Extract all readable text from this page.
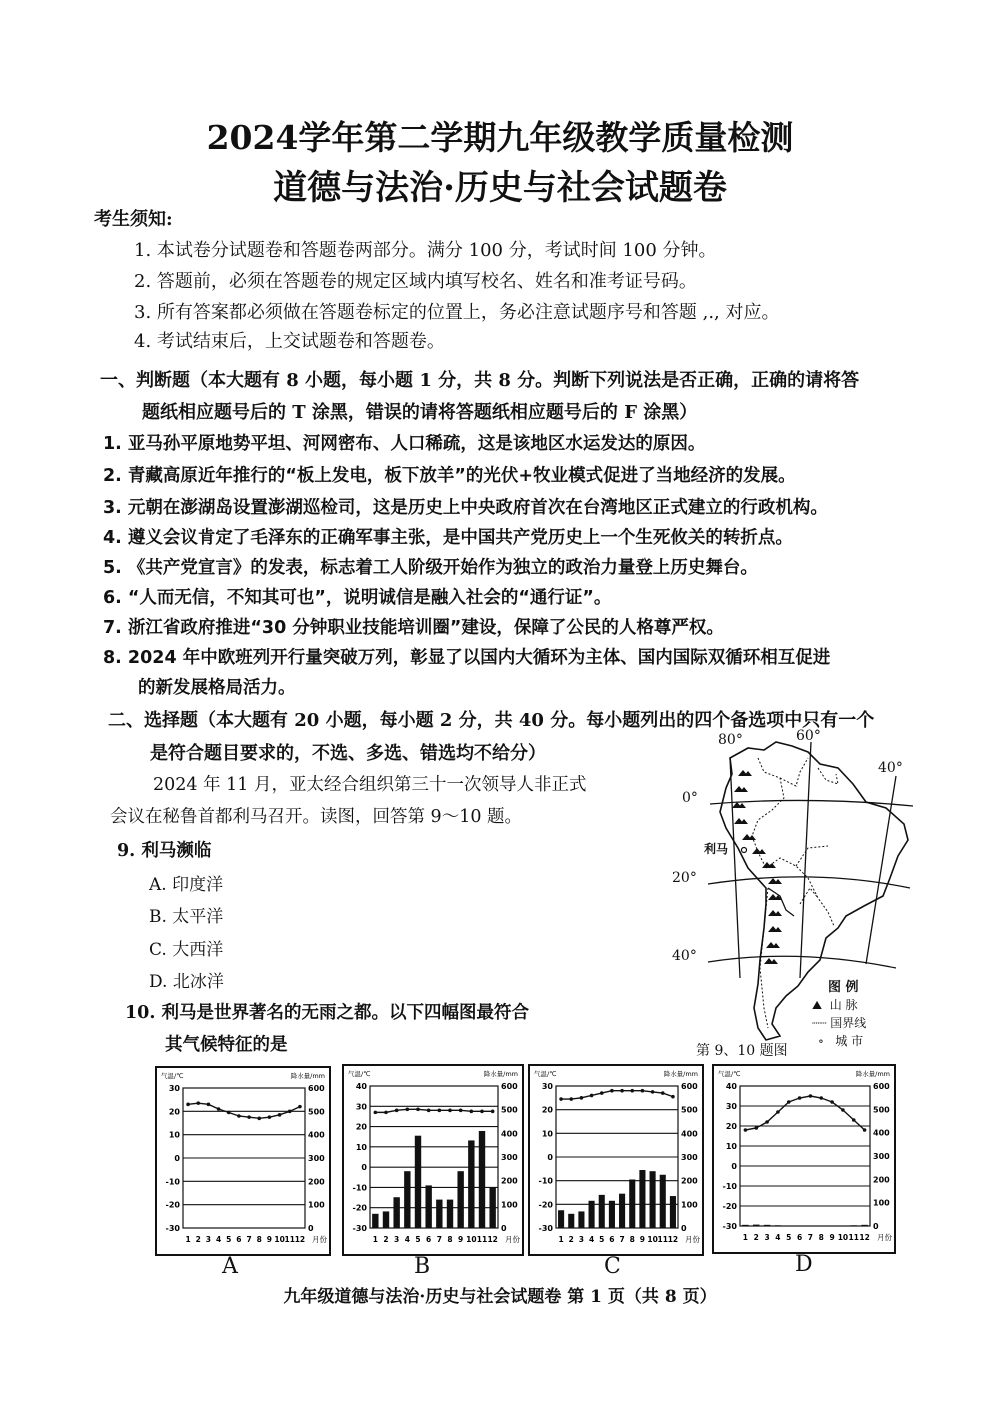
2024学年第二学期九年级教学质量检测
道德与法治·历史与社会试题卷
考生须知:
1. 本试卷分试题卷和答题卷两部分。满分 100 分，考试时间 100 分钟。
2. 答题前，必须在答题卷的规定区域内填写校名、姓名和准考证号码。
3. 所有答案都必须做在答题卷标定的位置上，务必注意试题序号和答题 ,., 对应。
4. 考试结束后，上交试题卷和答题卷。
一、判断题（本大题有 8 小题，每小题 1 分，共 8 分。判断下列说法是否正确，正确的请将答
题纸相应题号后的 T 涂黑，错误的请将答题纸相应题号后的 F 涂黑）
1. 亚马孙平原地势平坦、河网密布、人口稀疏，这是该地区水运发达的原因。
2. 青藏高原近年推行的“板上发电，板下放羊”的光伏+牧业模式促进了当地经济的发展。
3. 元朝在澎湖岛设置澎湖巡检司，这是历史上中央政府首次在台湾地区正式建立的行政机构。
4. 遵义会议肯定了毛泽东的正确军事主张，是中国共产党历史上一个生死攸关的转折点。
5. 《共产党宣言》的发表，标志着工人阶级开始作为独立的政治力量登上历史舞台。
6. “人而无信，不知其可也”，说明诚信是融入社会的“通行证”。
7. 浙江省政府推进“30 分钟职业技能培训圈”建设，保障了公民的人格尊严权。
8. 2024 年中欧班列开行量突破万列，彰显了以国内大循环为主体、国内国际双循环相互促进
的新发展格局活力。
二、选择题（本大题有 20 小题，每小题 2 分，共 40 分。每小题列出的四个备选项中只有一个
是符合题目要求的，不选、多选、错选均不给分）
2024 年 11 月，亚太经合组织第三十一次领导人非正式
会议在秘鲁首都利马召开。读图，回答第 9～10 题。
9. 利马濒临
A. 印度洋
B. 太平洋
C. 大西洋
D. 北冰洋
10. 利马是世界著名的无雨之都。以下四幅图最符合
其气候特征的是
80°	60°
40°
0°
20°
40°
利马
图 例
⛰ 山 脉
┈┈ 国界线
∘ 城 市
第 9、10 题图
气温/℃	降水量/mm
月份
30
20
10
0
-10
-20
-30
600
500
400
300
200
100
0
1 2 3 4 5 6 7 8 9 10 11 12
A
气温/℃	降水量/mm
月份
40
30
20
10
0
-10
-20
-30
600
500
400
300
200
100
0
1 2 3 4 5 6 7 8 9 10 11 12
B
气温/℃	降水量/mm
月份
30
20
10
0
-10
-20
-30
600
500
400
300
200
100
0
1 2 3 4 5 6 7 8 9 10 11 12
C
气温/℃	降水量/mm
月份
40
30
20
10
0
-10
-20
-30
600
500
400
300
200
100
0
1 2 3 4 5 6 7 8 9 10 11 12
D
九年级道德与法治·历史与社会试题卷 第 1 页（共 8 页）
